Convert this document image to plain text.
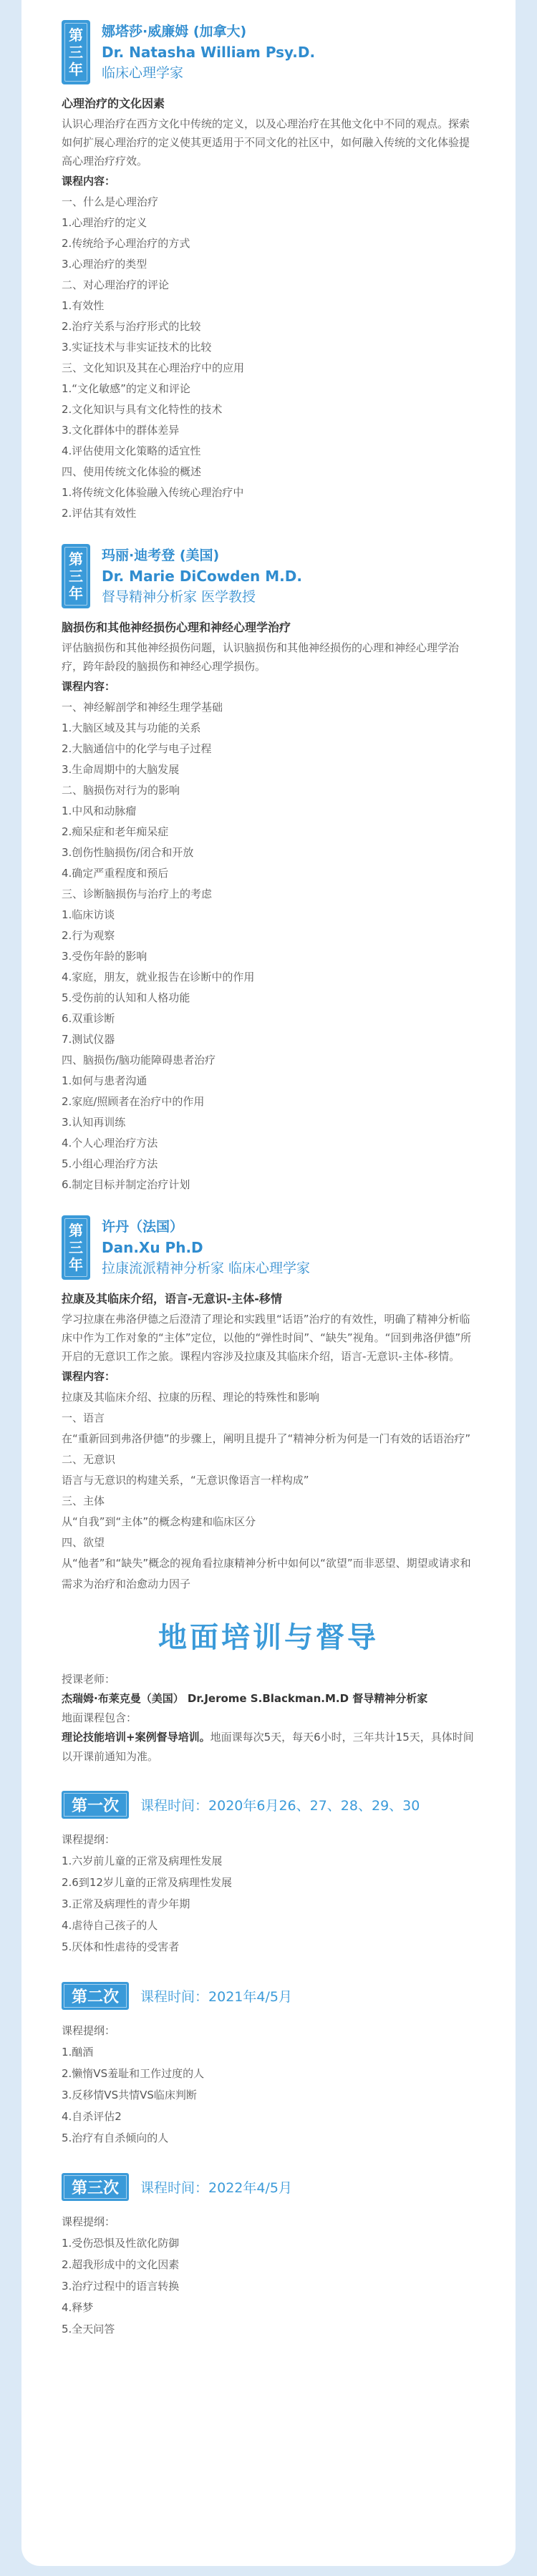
第三年
娜塔莎·威廉姆 (加拿大)
Dr. Natasha William Psy.D.
临床心理学家
心理治疗的文化因素
认识心理治疗在西方文化中传统的定义，以及心理治疗在其他文化中不同的观点。探索如何扩展心理治疗的定义使其更适用于不同文化的社区中，如何融入传统的文化体验提高心理治疗疗效。
课程内容：
一、什么是心理治疗
1.心理治疗的定义
2.传统给予心理治疗的方式
3.心理治疗的类型
二、对心理治疗的评论
1.有效性
2.治疗关系与治疗形式的比较
3.实证技术与非实证技术的比较
三、文化知识及其在心理治疗中的应用
1.“文化敏感”的定义和评论
2.文化知识与具有文化特性的技术
3.文化群体中的群体差异
4.评估使用文化策略的适宜性
四、使用传统文化体验的概述
1.将传统文化体验融入传统心理治疗中
2.评估其有效性
第三年
玛丽·迪考登 (美国)
Dr. Marie DiCowden M.D.
督导精神分析家 医学教授
脑损伤和其他神经损伤心理和神经心理学治疗
评估脑损伤和其他神经损伤问题，认识脑损伤和其他神经损伤的心理和神经心理学治疗，跨年龄段的脑损伤和神经心理学损伤。
课程内容：
一、神经解剖学和神经生理学基础
1.大脑区域及其与功能的关系
2.大脑通信中的化学与电子过程
3.生命周期中的大脑发展
二、脑损伤对行为的影响
1.中风和动脉瘤
2.痴呆症和老年痴呆症
3.创伤性脑损伤/闭合和开放
4.确定严重程度和预后
三、诊断脑损伤与治疗上的考虑
1.临床访谈
2.行为观察
3.受伤年龄的影响
4.家庭，朋友，就业报告在诊断中的作用
5.受伤前的认知和人格功能
6.双重诊断
7.测试仪器
四、脑损伤/脑功能障碍患者治疗
1.如何与患者沟通
2.家庭/照顾者在治疗中的作用
3.认知再训练
4.个人心理治疗方法
5.小组心理治疗方法
6.制定目标并制定治疗计划
第三年
许丹（法国）
Dan.Xu Ph.D
拉康流派精神分析家 临床心理学家
拉康及其临床介绍，语言-无意识-主体-移情
学习拉康在弗洛伊德之后澄清了理论和实践里“话语”治疗的有效性，明确了精神分析临床中作为工作对象的“主体”定位，以他的“弹性时间”、“缺失”视角。“回到弗洛伊德”所开启的无意识工作之旅。课程内容涉及拉康及其临床介绍，语言-无意识-主体-移情。
课程内容：
拉康及其临床介绍、拉康的历程、理论的特殊性和影响
一、语言
在“重新回到弗洛伊德”的步骤上，阐明且提升了“精神分析为何是一门有效的话语治疗”
二、无意识
语言与无意识的构建关系，“无意识像语言一样构成”
三、主体
从“自我”到“主体”的概念构建和临床区分
四、欲望
从“他者”和“缺失”概念的视角看拉康精神分析中如何以“欲望”而非恶望、期望或请求和需求为治疗和治愈动力因子
地面培训与督导
授课老师：
杰瑞姆·布莱克曼（美国） Dr.Jerome S.Blackman.M.D 督导精神分析家
地面课程包含：
理论技能培训+案例督导培训。地面课每次5天，每天6小时，三年共计15天，具体时间以开课前通知为准。
第一次	课程时间：2020年6月26、27、28、29、30
课程提纲：
1.六岁前儿童的正常及病理性发展
2.6到12岁儿童的正常及病理性发展
3.正常及病理性的青少年期
4.虐待自己孩子的人
5.厌体和性虐待的受害者
第二次	课程时间：2021年4/5月
课程提纲：
1.酗酒
2.懒惰VS羞耻和工作过度的人
3.反移情VS共情VS临床判断
4.自杀评估2
5.治疗有自杀倾向的人
第三次	课程时间：2022年4/5月
课程提纲：
1.受伤恐惧及性欲化防御
2.超我形成中的文化因素
3.治疗过程中的语言转换
4.释梦
5.全天问答
